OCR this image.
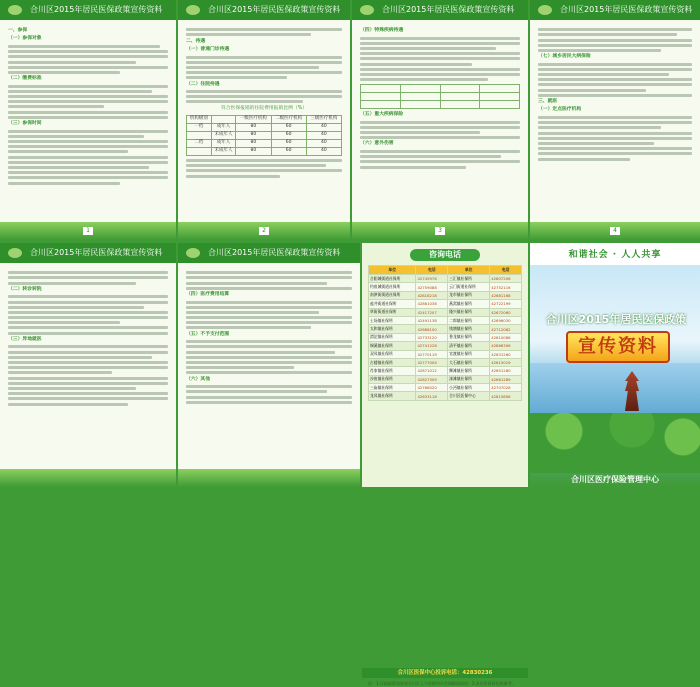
合川区2015年居民医保政策宣传资料
一、参保
（一）参保对象
（二）缴费标准
（三）参保时间
1
合川区2015年居民医保政策宣传资料
二、待遇
（一）普通门诊待遇
（二）住院待遇
符合医保报销的住院费用报销比例（%）
机构级别		一级医疗机构	二级医疗机构	三级医疗机构
一档	成年人	80	60	40
	未成年人	80	60	40
二档	成年人	80	60	40
	未成年人	80	60	40
2
合川区2015年居民医保政策宣传资料
（四）特殊疾病待遇

（五）重大疾病保险
（六）意外伤害
3
合川区2015年居民医保政策宣传资料
（七）城乡居民大病保险
三、就医
（一）定点医疗机构
4
合川区2015年居民医保政策宣传资料
（二）转诊转院
（三）异地就医
合川区2015年居民医保政策宣传资料
（四）医疗费用结算
（五）不予支付范围
（六）其他
咨询电话
单位	电话	单位	电话
合阳城街道社保所	42745976	三汇镇社保所	42807206
钓鱼城街道社保所	42759088	云门街道社保所	42752116
南津街街道社保所	42818218	龙市镇社保所	42681168
盐井街道社保所	42861038	燕窝镇社保所	42722199
草街街道社保所	42417207	隆兴镇社保所	42672060
土场镇社保所	42491138	二郎镇社保所	42696030
太和镇社保所	42686100	钱塘镇社保所	42712082
渭沱镇社保所	42733120	香龙镇社保所	42610086
铜溪镇社保所	42741228	清平镇社保所	42866306
双凤镇社保所	42770119	官渡镇社保所	42631260
古楼镇社保所	42777009	大石镇社保所	42615019
肖家镇社保所	42871012	狮滩镇社保所	42651280
沙鱼镇社保所	42827309	涞滩镇社保所	42661289
三庙镇社保所	42768020	小沔镇社保所	42707028
龙凤镇社保所	42633118	合川区医保中心	42815806
合川区医保中心投诉电话：42830236
注：1.详细政策请查阅合川区人力资源和社会保障局网站；2.本宣传资料仅供参考。
和谐社会 · 人人共享
合川区2015年居民医保政策
宣传资料
合川区医疗保险管理中心
